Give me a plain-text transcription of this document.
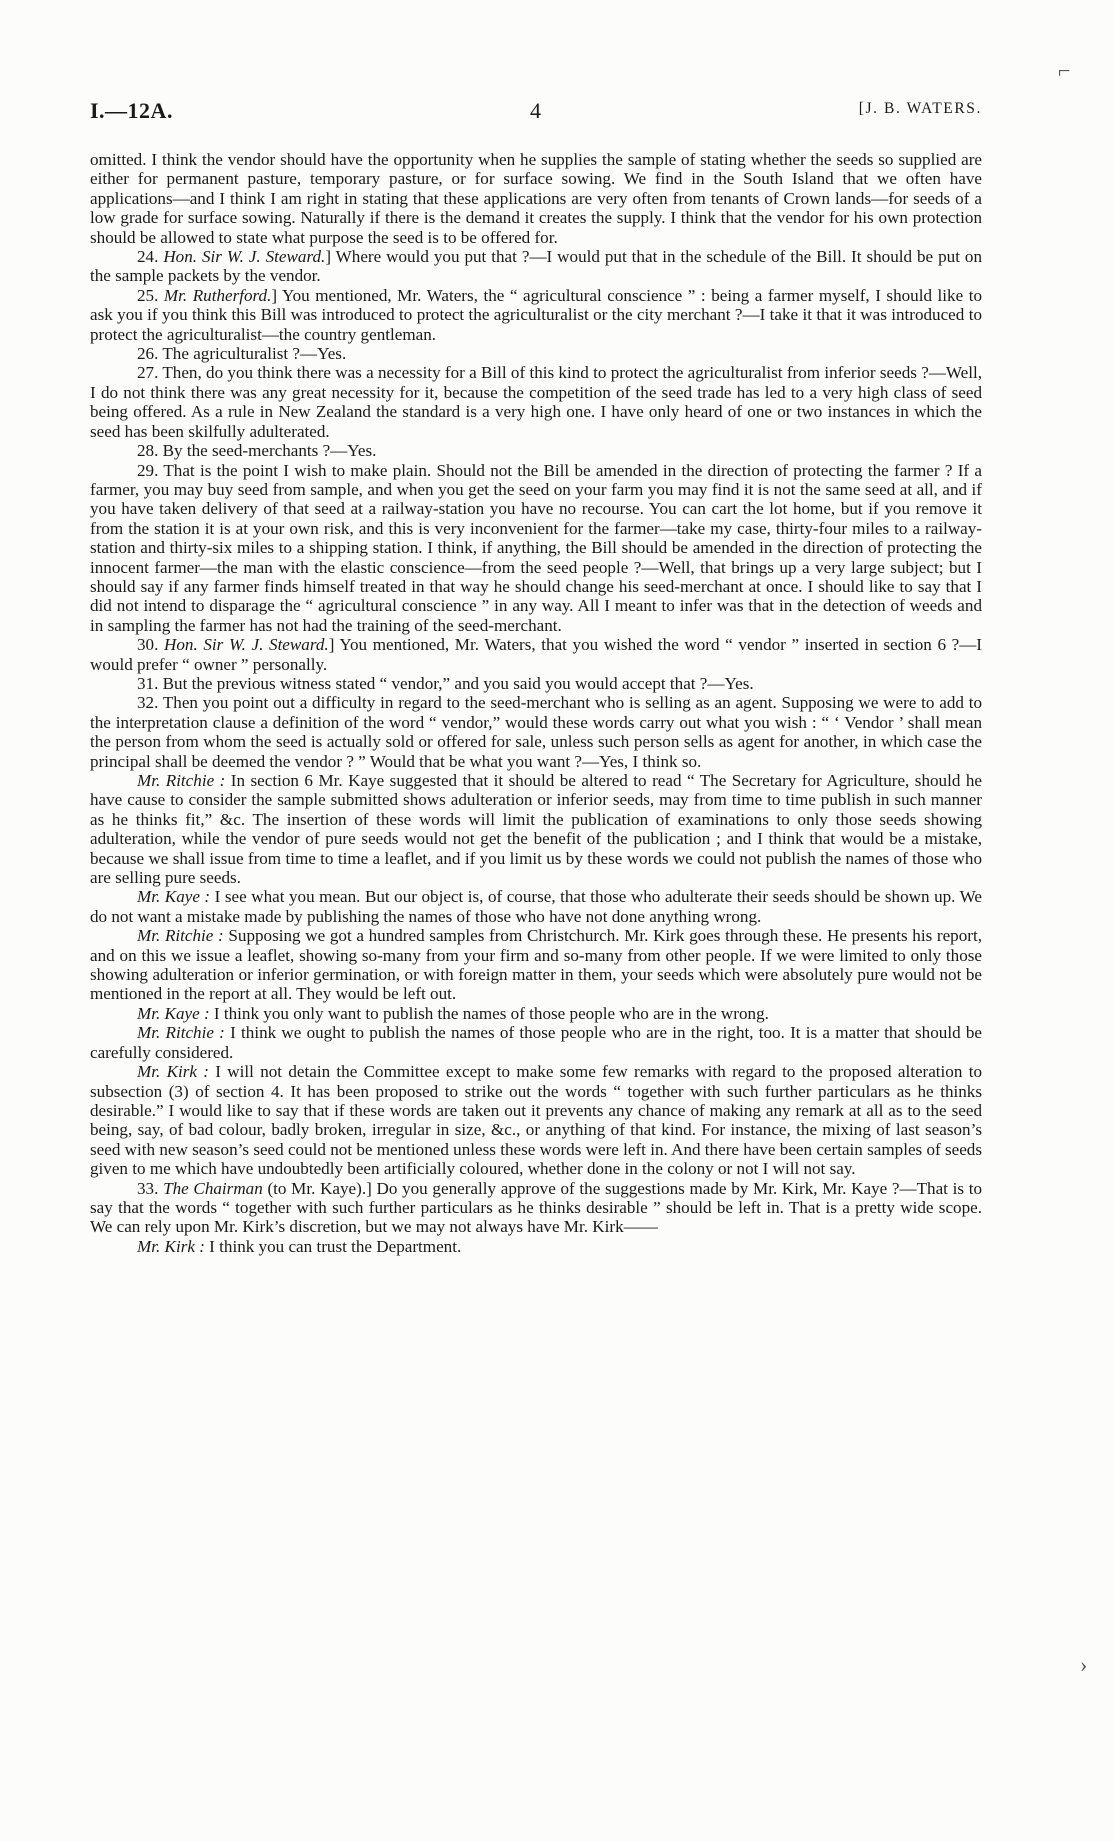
I.—12A.	4	[J. B. WATERS.

omitted. I think the vendor should have the opportunity when he supplies the sample of stating whether the seeds so supplied are either for permanent pasture, temporary pasture, or for surface sowing. We find in the South Island that we often have applications—and I think I am right in stating that these applications are very often from tenants of Crown lands—for seeds of a low grade for surface sowing. Naturally if there is the demand it creates the supply. I think that the vendor for his own protection should be allowed to state what purpose the seed is to be offered for.

24. Hon. Sir W. J. Steward.] Where would you put that ?—I would put that in the schedule of the Bill. It should be put on the sample packets by the vendor.

25. Mr. Rutherford.] You mentioned, Mr. Waters, the “ agricultural conscience ” : being a farmer myself, I should like to ask you if you think this Bill was introduced to protect the agriculturalist or the city merchant ?—I take it that it was introduced to protect the agriculturalist—the country gentleman.

26. The agriculturalist ?—Yes.

27. Then, do you think there was a necessity for a Bill of this kind to protect the agriculturalist from inferior seeds ?—Well, I do not think there was any great necessity for it, because the competition of the seed trade has led to a very high class of seed being offered. As a rule in New Zealand the standard is a very high one. I have only heard of one or two instances in which the seed has been skilfully adulterated.

28. By the seed-merchants ?—Yes.

29. That is the point I wish to make plain. Should not the Bill be amended in the direction of protecting the farmer ? If a farmer, you may buy seed from sample, and when you get the seed on your farm you may find it is not the same seed at all, and if you have taken delivery of that seed at a railway-station you have no recourse. You can cart the lot home, but if you remove it from the station it is at your own risk, and this is very inconvenient for the farmer—take my case, thirty-four miles to a railway-station and thirty-six miles to a shipping station. I think, if anything, the Bill should be amended in the direction of protecting the innocent farmer—the man with the elastic conscience—from the seed people ?—Well, that brings up a very large subject; but I should say if any farmer finds himself treated in that way he should change his seed-merchant at once. I should like to say that I did not intend to disparage the “ agricultural conscience ” in any way. All I meant to infer was that in the detection of weeds and in sampling the farmer has not had the training of the seed-merchant.

30. Hon. Sir W. J. Steward.] You mentioned, Mr. Waters, that you wished the word “ vendor ” inserted in section 6 ?—I would prefer “ owner ” personally.

31. But the previous witness stated “ vendor,” and you said you would accept that ?—Yes.

32. Then you point out a difficulty in regard to the seed-merchant who is selling as an agent. Supposing we were to add to the interpretation clause a definition of the word “ vendor,” would these words carry out what you wish : “ ‘ Vendor ’ shall mean the person from whom the seed is actually sold or offered for sale, unless such person sells as agent for another, in which case the principal shall be deemed the vendor ? ” Would that be what you want ?—Yes, I think so.

Mr. Ritchie : In section 6 Mr. Kaye suggested that it should be altered to read “ The Secretary for Agriculture, should he have cause to consider the sample submitted shows adulteration or inferior seeds, may from time to time publish in such manner as he thinks fit,” &c. The insertion of these words will limit the publication of examinations to only those seeds showing adulteration, while the vendor of pure seeds would not get the benefit of the publication ; and I think that would be a mistake, because we shall issue from time to time a leaflet, and if you limit us by these words we could not publish the names of those who are selling pure seeds.

Mr. Kaye : I see what you mean. But our object is, of course, that those who adulterate their seeds should be shown up. We do not want a mistake made by publishing the names of those who have not done anything wrong.

Mr. Ritchie : Supposing we got a hundred samples from Christchurch. Mr. Kirk goes through these. He presents his report, and on this we issue a leaflet, showing so-many from your firm and so-many from other people. If we were limited to only those showing adulteration or inferior germination, or with foreign matter in them, your seeds which were absolutely pure would not be mentioned in the report at all. They would be left out.

Mr. Kaye : I think you only want to publish the names of those people who are in the wrong.

Mr. Ritchie : I think we ought to publish the names of those people who are in the right, too. It is a matter that should be carefully considered.

Mr. Kirk : I will not detain the Committee except to make some few remarks with regard to the proposed alteration to subsection (3) of section 4. It has been proposed to strike out the words “ together with such further particulars as he thinks desirable.” I would like to say that if these words are taken out it prevents any chance of making any remark at all as to the seed being, say, of bad colour, badly broken, irregular in size, &c., or anything of that kind. For instance, the mixing of last season’s seed with new season’s seed could not be mentioned unless these words were left in. And there have been certain samples of seeds given to me which have undoubtedly been artificially coloured, whether done in the colony or not I will not say.

33. The Chairman (to Mr. Kaye).] Do you generally approve of the suggestions made by Mr. Kirk, Mr. Kaye ?—That is to say that the words “ together with such further particulars as he thinks desirable ” should be left in. That is a pretty wide scope. We can rely upon Mr. Kirk’s discretion, but we may not always have Mr. Kirk——

Mr. Kirk : I think you can trust the Department.

⌐
›
